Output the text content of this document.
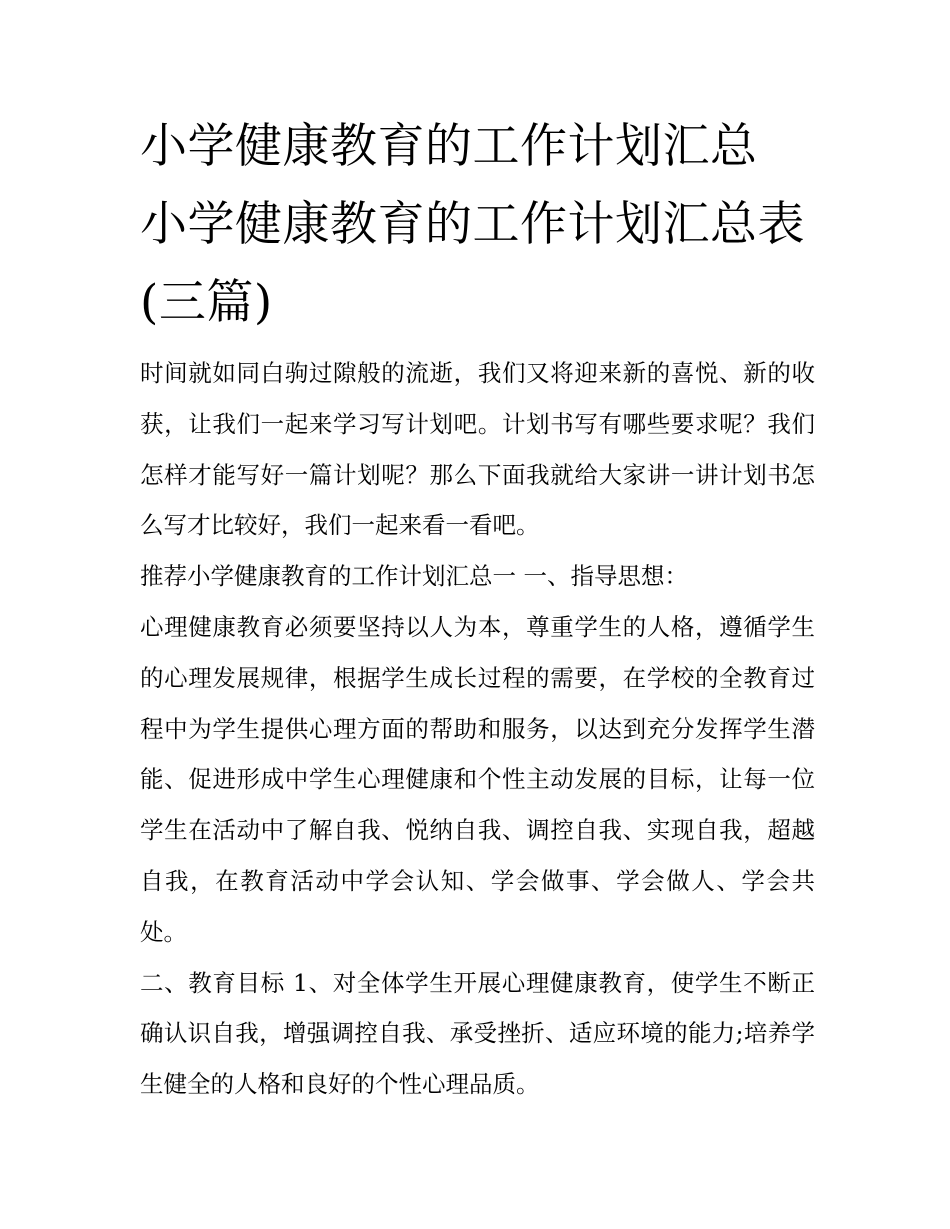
小学健康教育的工作计划汇总 小学健康教育的工作计划汇总表(三篇)

时间就如同白驹过隙般的流逝，我们又将迎来新的喜悦、新的收获，让我们一起来学习写计划吧。计划书写有哪些要求呢？我们怎样才能写好一篇计划呢？那么下面我就给大家讲一讲计划书怎么写才比较好，我们一起来看一看吧。

推荐小学健康教育的工作计划汇总一 一、指导思想：

心理健康教育必须要坚持以人为本，尊重学生的人格，遵循学生的心理发展规律，根据学生成长过程的需要，在学校的全教育过程中为学生提供心理方面的帮助和服务，以达到充分发挥学生潜能、促进形成中学生心理健康和个性主动发展的目标，让每一位学生在活动中了解自我、悦纳自我、调控自我、实现自我，超越自我，在教育活动中学会认知、学会做事、学会做人、学会共处。

二、教育目标 1、对全体学生开展心理健康教育，使学生不断正确认识自我，增强调控自我、承受挫折、适应环境的能力;培养学生健全的人格和良好的个性心理品质。
